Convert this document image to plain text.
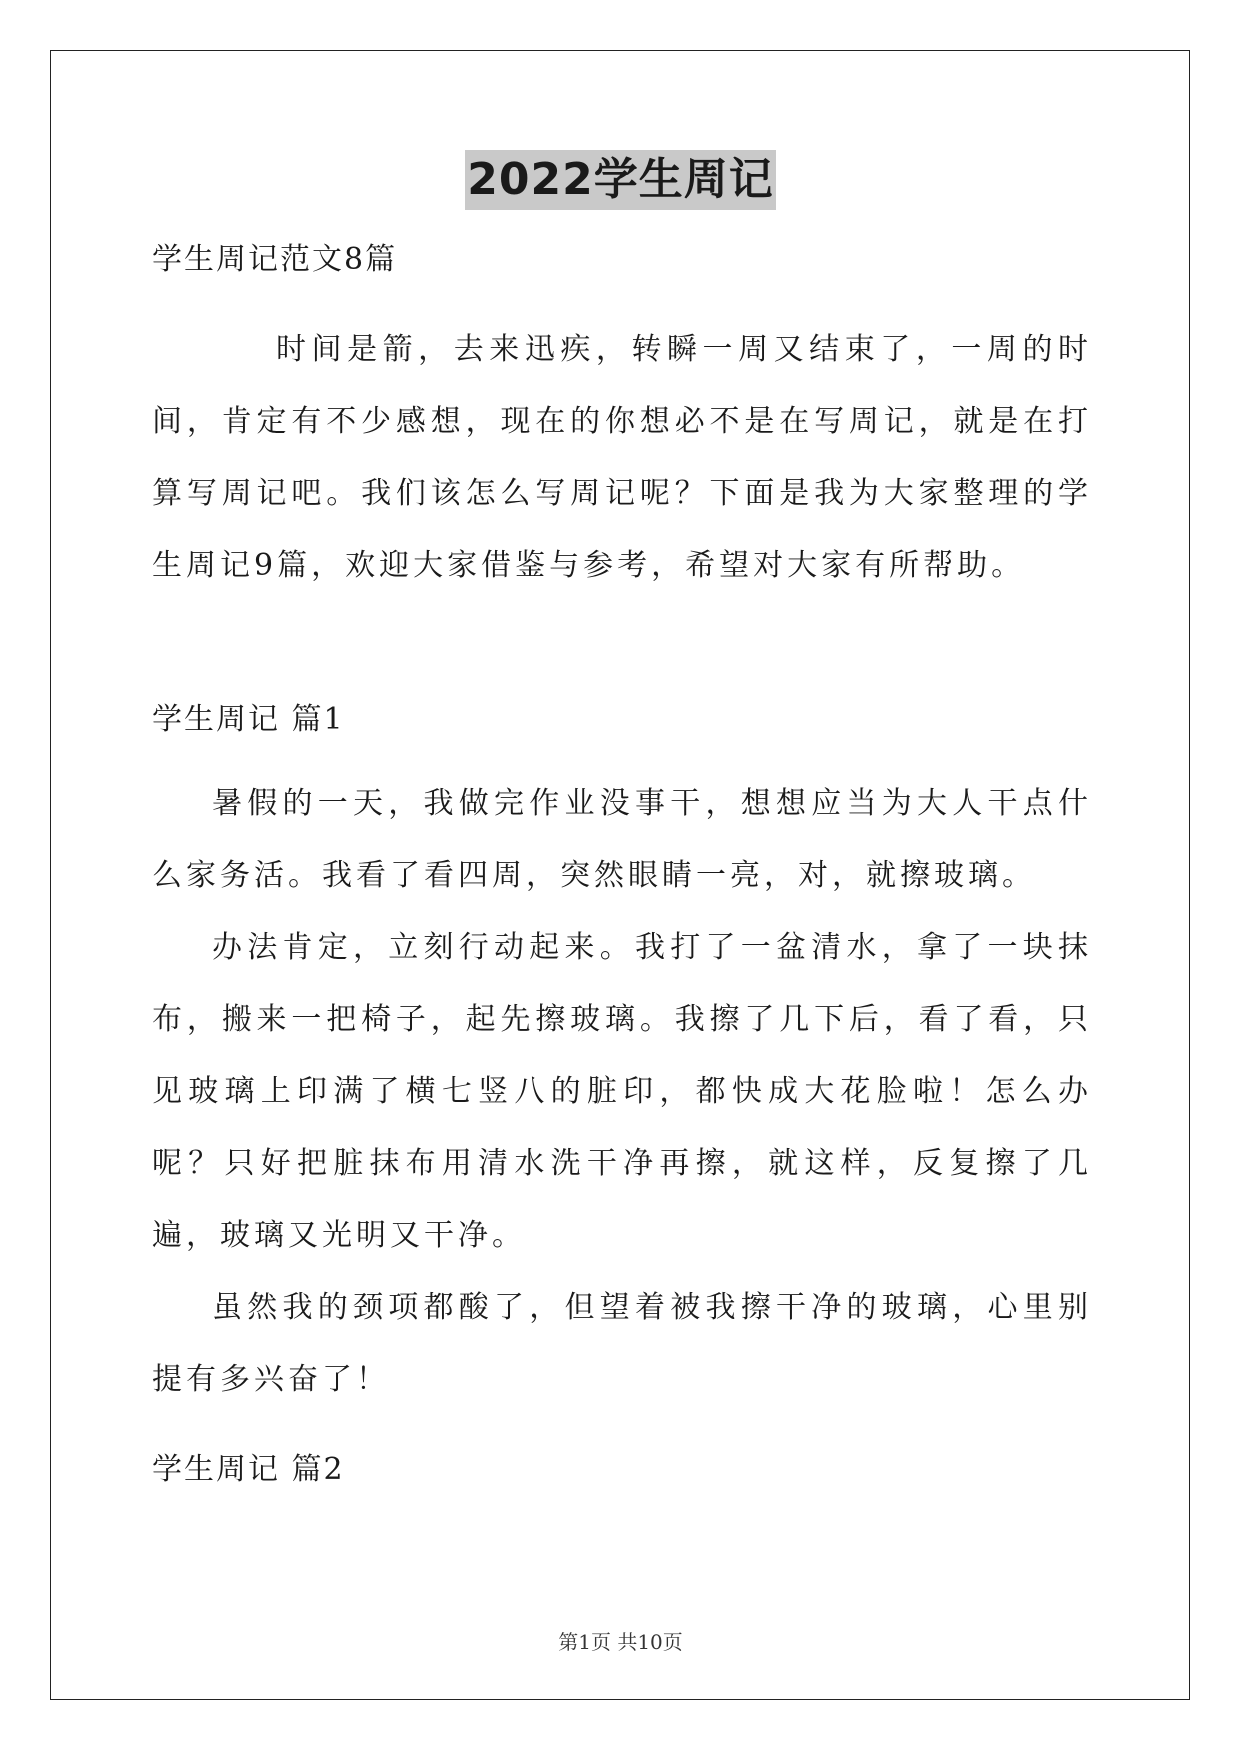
2022学生周记

学生周记范文8篇

时间是箭，去来迅疾，转瞬一周又结束了，一周的时间，肯定有不少感想，现在的你想必不是在写周记，就是在打算写周记吧。我们该怎么写周记呢？下面是我为大家整理的学生周记9篇，欢迎大家借鉴与参考，希望对大家有所帮助。

学生周记 篇1

暑假的一天，我做完作业没事干，想想应当为大人干点什么家务活。我看了看四周，突然眼睛一亮，对，就擦玻璃。

办法肯定，立刻行动起来。我打了一盆清水，拿了一块抹布，搬来一把椅子，起先擦玻璃。我擦了几下后，看了看，只见玻璃上印满了横七竖八的脏印，都快成大花脸啦！怎么办呢？只好把脏抹布用清水洗干净再擦，就这样，反复擦了几遍，玻璃又光明又干净。

虽然我的颈项都酸了，但望着被我擦干净的玻璃，心里别提有多兴奋了！

学生周记 篇2

第1页 共10页
